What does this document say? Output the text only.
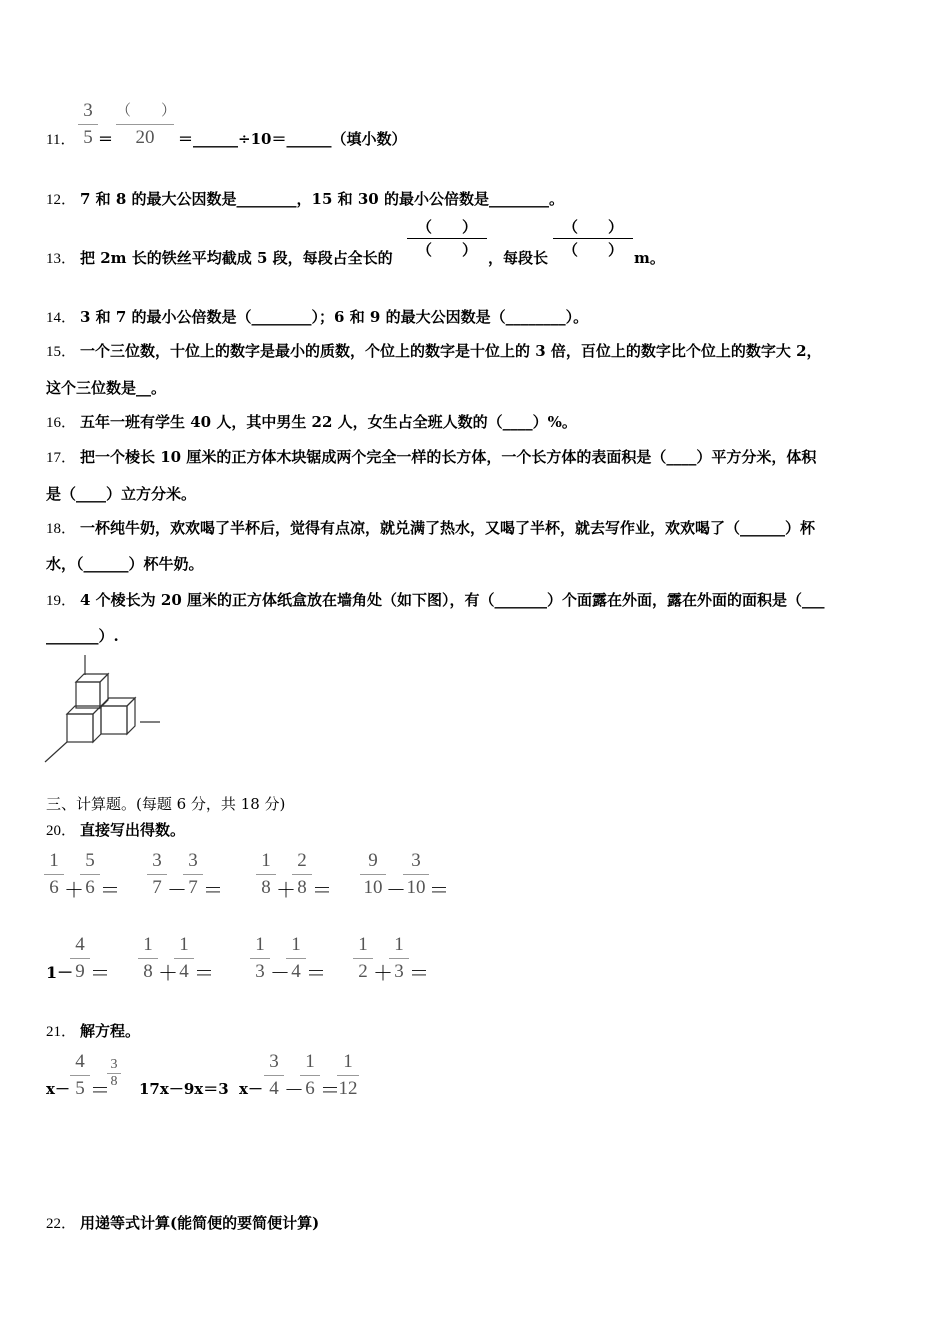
11．
3
5 ＝
（　　）
20	＝______÷10＝______（填小数）
12． 7 和 8 的最大公因数是________，15 和 30 的最小公倍数是________。
13． 把 2m 长的铁丝平均截成 5 段，每段占全长的
（　　）
（　　） ，每段长
（　　）
（　　） m。
14． 3 和 7 的最小公倍数是（________）；6 和 9 的最大公因数是（________）。
15． 一个三位数，十位上的数字是最小的质数，个位上的数字是十位上的 3 倍，百位上的数字比个位上的数字大 2，
这个三位数是__。
16． 五年一班有学生 40 人，其中男生 22 人，女生占全班人数的（____）%。
17． 把一个棱长 10 厘米的正方体木块锯成两个完全一样的长方体，一个长方体的表面积是（____）平方分米，体积
是（____）立方分米。
18． 一杯纯牛奶，欢欢喝了半杯后，觉得有点凉，就兑满了热水，又喝了半杯，就去写作业，欢欢喝了（______）杯
水，（______）杯牛奶。
19． 4 个棱长为 20 厘米的正方体纸盒放在墙角处（如下图），有（_______）个面露在外面，露在外面的面积是（___
_______）.
三、计算题。(每题 6 分，共 18 分)
20． 直接写出得数。
1
6 ＋
5
6 ＝
3
7 －
3
7 ＝
1
8 ＋
2
8 ＝
9
10 －
3
10 ＝
1－
4
9 ＝
1
8 ＋
1
4 ＝
1
3 －
1
4 ＝
1
2 ＋
1
3 ＝
21． 解方程。
x－
4
5 ＝
3
8 17x－9x＝3 x－
3
4 －
1
6 ＝
1
12
22． 用递等式计算(能简便的要简便计算)
